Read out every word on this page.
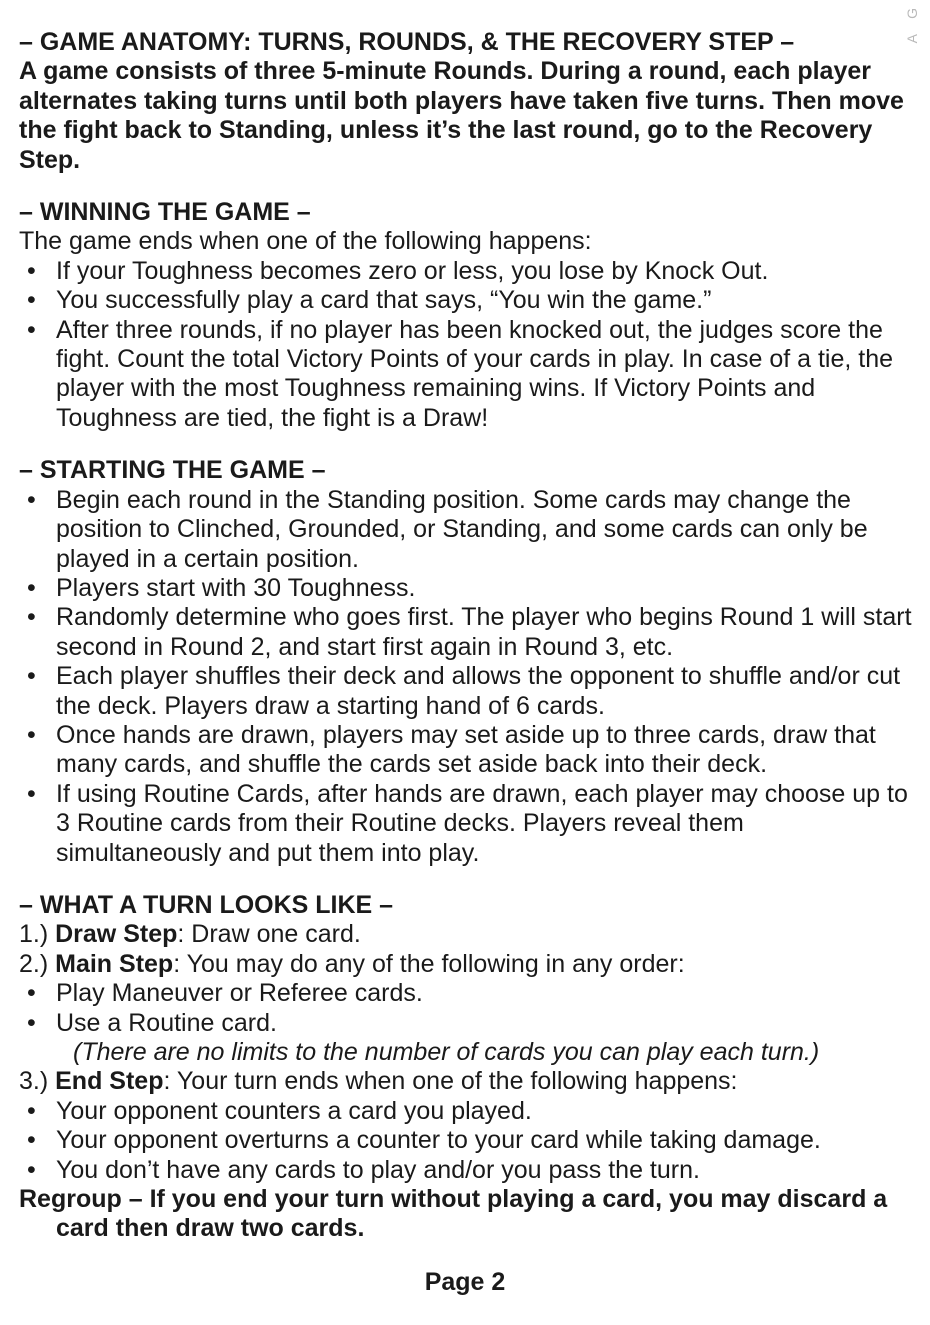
A G
– GAME ANATOMY: TURNS, ROUNDS, & THE RECOVERY STEP –
A game consists of three 5-minute Rounds. During a round, each player alternates taking turns until both players have taken five turns. Then move the fight back to Standing, unless it’s the last round, go to the Recovery Step.
– WINNING THE GAME –
The game ends when one of the following happens:
• If your Toughness becomes zero or less, you lose by Knock Out.
• You successfully play a card that says, “You win the game.”
• After three rounds, if no player has been knocked out, the judges score the fight. Count the total Victory Points of your cards in play. In case of a tie, the player with the most Toughness remaining wins. If Victory Points and Toughness are tied, the fight is a Draw!
– STARTING THE GAME –
• Begin each round in the Standing position. Some cards may change the position to Clinched, Grounded, or Standing, and some cards can only be played in a certain position.
• Players start with 30 Toughness.
• Randomly determine who goes first. The player who begins Round 1 will start second in Round 2, and start first again in Round 3, etc.
• Each player shuffles their deck and allows the opponent to shuffle and/or cut the deck. Players draw a starting hand of 6 cards.
• Once hands are drawn, players may set aside up to three cards, draw that many cards, and shuffle the cards set aside back into their deck.
• If using Routine Cards, after hands are drawn, each player may choose up to 3 Routine cards from their Routine decks. Players reveal them simultaneously and put them into play.
– WHAT A TURN LOOKS LIKE –
1.) Draw Step: Draw one card.
2.) Main Step: You may do any of the following in any order:
• Play Maneuver or Referee cards.
• Use a Routine card.
(There are no limits to the number of cards you can play each turn.)
3.) End Step: Your turn ends when one of the following happens:
• Your opponent counters a card you played.
• Your opponent overturns a counter to your card while taking damage.
• You don’t have any cards to play and/or you pass the turn.
Regroup – If you end your turn without playing a card, you may discard a card then draw two cards.
Page 2
